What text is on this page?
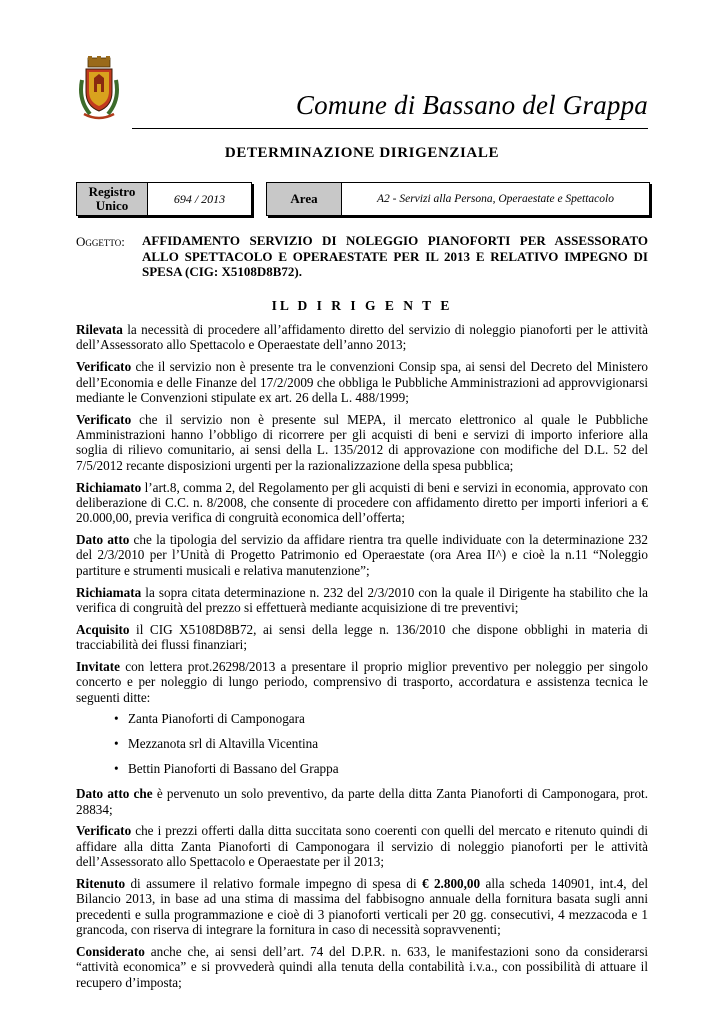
Comune di Bassano del Grappa
DETERMINAZIONE DIRIGENZIALE
Registro Unico	694 / 2013	Area	A2 - Servizi alla Persona, Operaestate e Spettacolo
Oggetto:	AFFIDAMENTO SERVIZIO DI NOLEGGIO PIANOFORTI PER ASSESSORATO ALLO SPETTACOLO E OPERAESTATE PER IL 2013 E RELATIVO IMPEGNO DI SPESA (CIG: X5108D8B72).
IL D I R I G E N T E

Rilevata la necessità di procedere all’affidamento diretto del servizio di noleggio pianoforti per le attività dell’Assessorato allo Spettacolo e Operaestate dell’anno 2013;

Verificato che il servizio non è presente tra le convenzioni Consip spa, ai sensi del Decreto del Ministero dell’Economia e delle Finanze del 17/2/2009 che obbliga le Pubbliche Amministrazioni ad approvvigionarsi mediante le Convenzioni stipulate ex art. 26 della L. 488/1999;

Verificato che il servizio non è presente sul MEPA, il mercato elettronico al quale le Pubbliche Amministrazioni hanno l’obbligo di ricorrere per gli acquisti di beni e servizi di importo inferiore alla soglia di rilievo comunitario, ai sensi della L. 135/2012 di approvazione con modifiche del D.L. 52 del 7/5/2012 recante disposizioni urgenti per la razionalizzazione della spesa pubblica;

Richiamato l’art.8, comma 2, del Regolamento per gli acquisti di beni e servizi in economia, approvato con deliberazione di C.C. n. 8/2008, che consente di procedere con affidamento diretto per importi inferiori a € 20.000,00, previa verifica di congruità economica dell’offerta;

Dato atto che la tipologia del servizio da affidare rientra tra quelle individuate con la determinazione 232 del 2/3/2010 per l’Unità di Progetto Patrimonio ed Operaestate (ora Area II^) e cioè la n.11 “Noleggio partiture e strumenti musicali e relativa manutenzione”;

Richiamata la sopra citata determinazione n. 232 del 2/3/2010 con la quale il Dirigente ha stabilito che la verifica di congruità del prezzo si effettuerà mediante acquisizione di tre preventivi;

Acquisito il CIG X5108D8B72, ai sensi della legge n. 136/2010 che dispone obblighi in materia di tracciabilità dei flussi finanziari;

Invitate con lettera prot.26298/2013 a presentare il proprio miglior preventivo per noleggio per singolo concerto e per noleggio di lungo periodo, comprensivo di trasporto, accordatura e assistenza tecnica le seguenti ditte:

• Zanta Pianoforti di Camponogara
• Mezzanota srl di Altavilla Vicentina
• Bettin Pianoforti di Bassano del Grappa

Dato atto che è pervenuto un solo preventivo, da parte della ditta Zanta Pianoforti di Camponogara, prot. 28834;

Verificato che i prezzi offerti dalla ditta succitata sono coerenti con quelli del mercato e ritenuto quindi di affidare alla ditta Zanta Pianoforti di Camponogara il servizio di noleggio pianoforti per le attività dell’Assessorato allo Spettacolo e Operaestate per il 2013;

Ritenuto di assumere il relativo formale impegno di spesa di € 2.800,00 alla scheda 140901, int.4, del Bilancio 2013, in base ad una stima di massima del fabbisogno annuale della fornitura basata sugli anni precedenti e sulla programmazione e cioè di 3 pianoforti verticali per 20 gg. consecutivi, 4 mezzacoda e 1 grancoda, con riserva di integrare la fornitura in caso di necessità sopravvenenti;

Considerato anche che, ai sensi dell’art. 74 del D.P.R. n. 633, le manifestazioni sono da considerarsi “attività economica” e si provvederà quindi alla tenuta della contabilità i.v.a., con possibilità di attuare il recupero d’imposta;
